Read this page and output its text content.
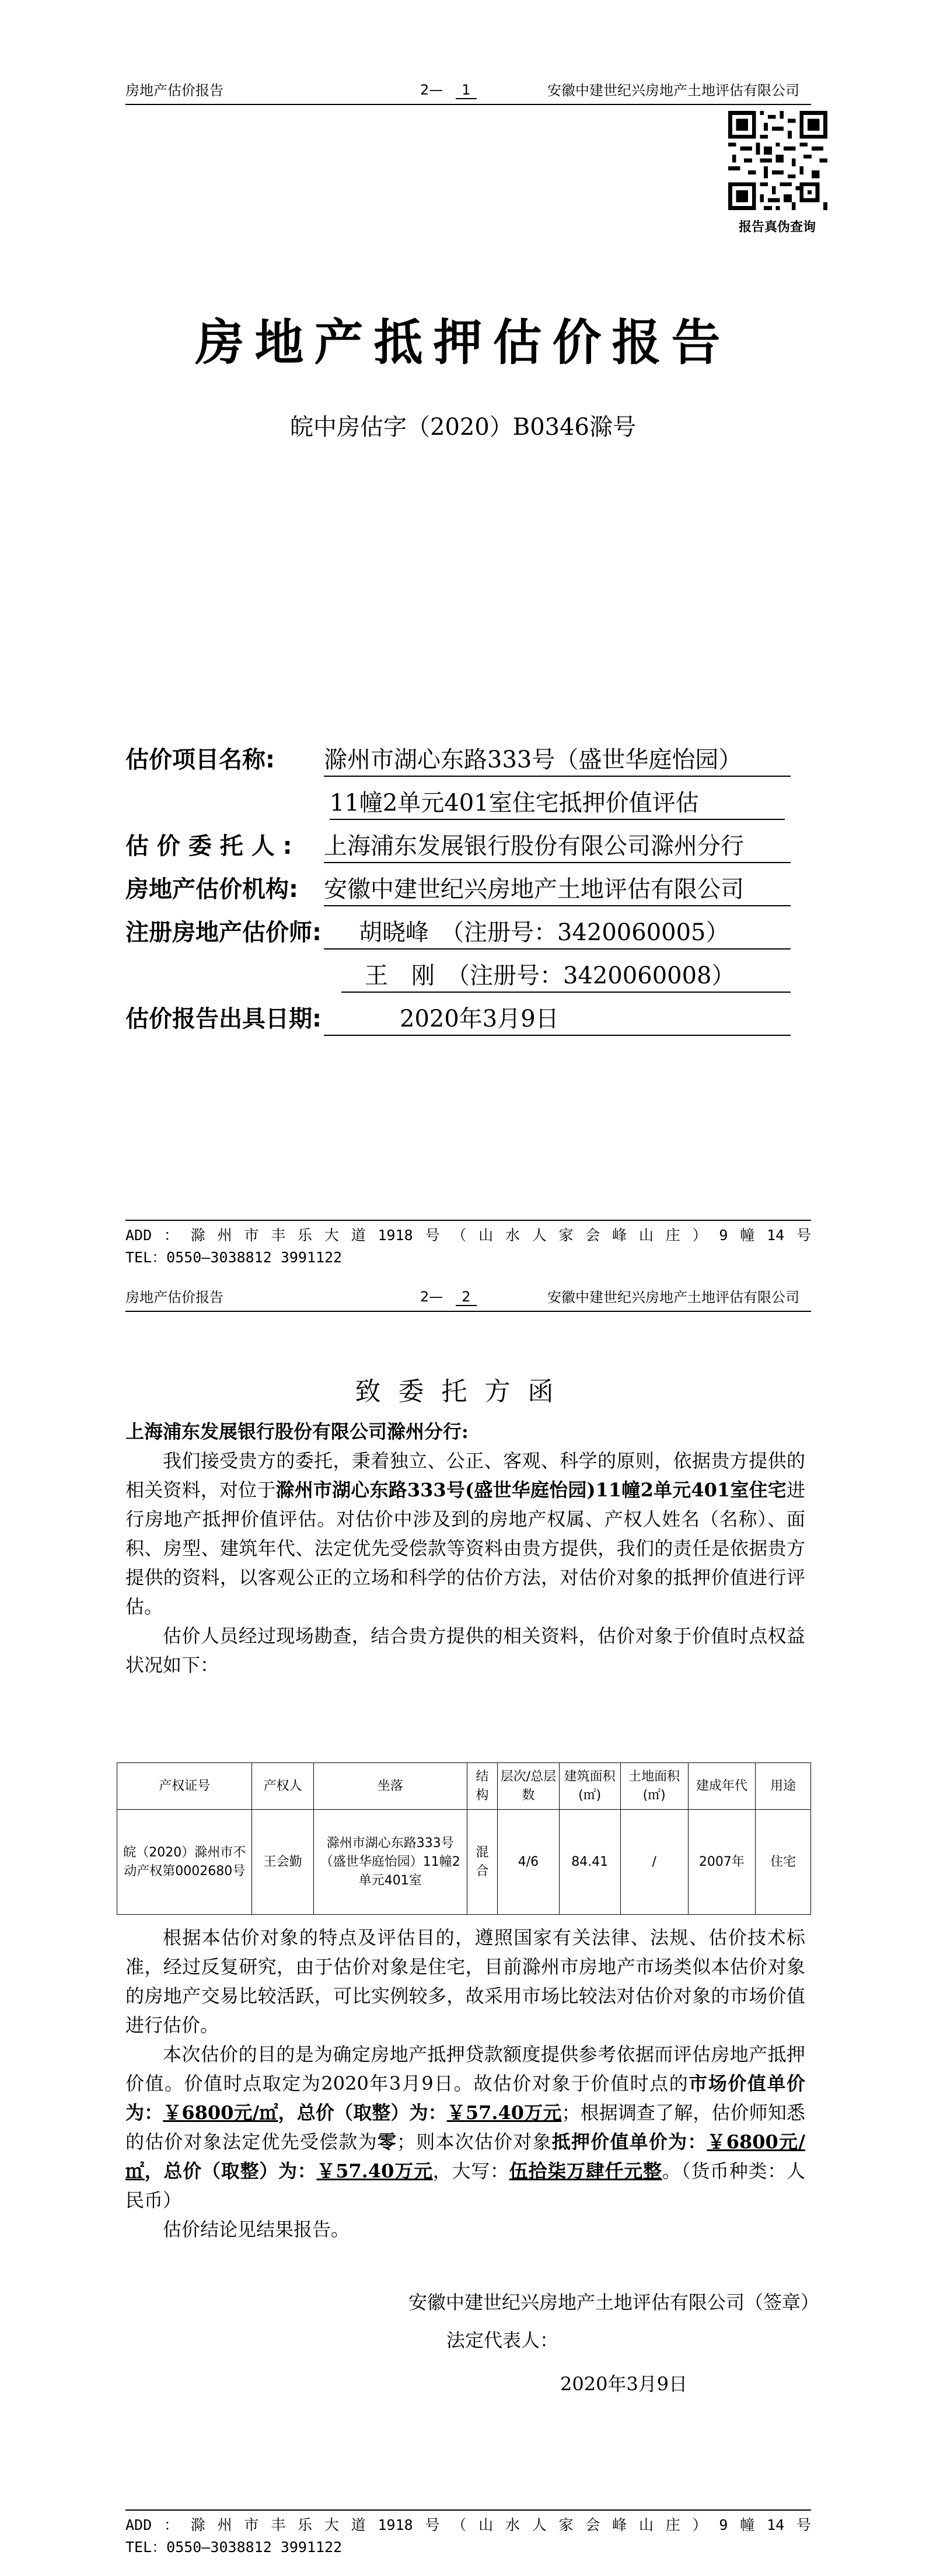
房地产估价报告	2— 1	安徽中建世纪兴房地产土地评估有限公司
报告真伪查询
房地产抵押估价报告
皖中房估字（2020）B0346滁号
估价项目名称: 滁州市湖心东路333号（盛世华庭怡园）
11幢2单元401室住宅抵押价值评估
估 价 委 托 人 : 上海浦东发展银行股份有限公司滁州分行
房地产估价机构: 安徽中建世纪兴房地产土地评估有限公司
注册房地产估价师:	胡晓峰　（注册号：3420060005）
王　刚　（注册号：3420060008）
估价报告出具日期:	2020年3月9日
ADD ： 滁 州 市 丰 乐 大 道 1918 号 （ 山 水 人 家 会 峰 山 庄 ） 9 幢 14 号
TEL：0550—3038812 3991122
房地产估价报告	2— 2	安徽中建世纪兴房地产土地评估有限公司
致委托方函
上海浦东发展银行股份有限公司滁州分行:

我们接受贵方的委托，秉着独立、公正、客观、科学的原则，依据贵方提供的相关资料，对位于滁州市湖心东路333号(盛世华庭怡园)11幢2单元401室住宅进行房地产抵押价值评估。对估价中涉及到的房地产权属、产权人姓名（名称）、面积、房型、建筑年代、法定优先受偿款等资料由贵方提供，我们的责任是依据贵方提供的资料，以客观公正的立场和科学的估价方法，对估价对象的抵押价值进行评估。

估价人员经过现场勘查，结合贵方提供的相关资料，估价对象于价值时点权益状况如下：

产权证号	产权人	坐落	结构	层次/总层数	建筑面积(㎡)	土地面积(㎡)	建成年代	用途
皖（2020）滁州市不动产权第0002680号	王会勤	滁州市湖心东路333号（盛世华庭怡园）11幢2单元401室	混合	4/6	84.41	/	2007年	住宅

根据本估价对象的特点及评估目的，遵照国家有关法律、法规、估价技术标准，经过反复研究，由于估价对象是住宅，目前滁州市房地产市场类似本估价对象的房地产交易比较活跃，可比实例较多，故采用市场比较法对估价对象的市场价值进行估价。

本次估价的目的是为确定房地产抵押贷款额度提供参考依据而评估房地产抵押价值。价值时点取定为2020年3月9日。故估价对象于价值时点的市场价值单价为：￥6800元/㎡，总价（取整）为：￥57.40万元；根据调查了解，估价师知悉的估价对象法定优先受偿款为零；则本次估价对象抵押价值单价为：￥6800元/㎡，总价（取整）为：￥57.40万元，大写：伍拾柒万肆仟元整。（货币种类：人民币）

估价结论见结果报告。

安徽中建世纪兴房地产土地评估有限公司（签章）
法定代表人：
2020年3月9日
ADD ： 滁 州 市 丰 乐 大 道 1918 号 （ 山 水 人 家 会 峰 山 庄 ） 9 幢 14 号
TEL：0550—3038812 3991122
